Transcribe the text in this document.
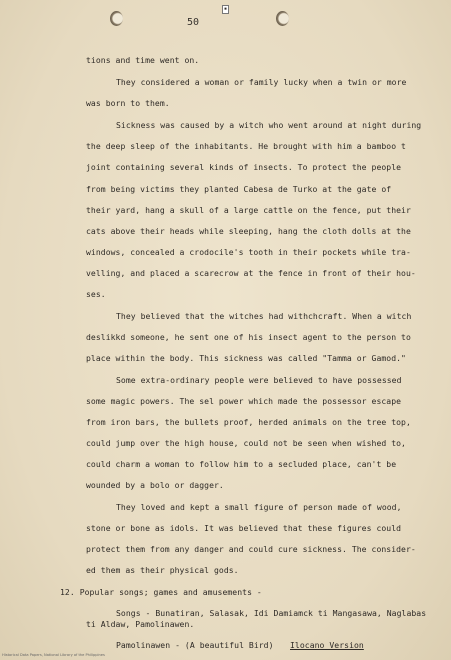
▪
50
tions and time went on.
They considered a woman or family lucky when a twin or more
was born to them.
Sickness was caused by a witch who went around at night during
the deep sleep of the inhabitants. He brought with him a bamboo t
joint containing several kinds of insects. To protect the people
from being victims they planted Cabesa de Turko at the gate of
their yard, hang a skull of a large cattle on the fence, put their
cats above their heads while sleeping, hang the cloth dolls at the
windows, concealed a crodocile's tooth in their pockets while tra-
velling, and placed a scarecrow at the fence in front of their hou-
ses.
They believed that the witches had withchcraft. When a witch
deslikkd someone, he sent one of his insect agent to the person to
place within the body. This sickness was called "Tamma or Gamod."
Some extra-ordinary people were believed to have possessed
some magic powers. The sel power which made the possessor escape
from iron bars, the bullets proof, herded animals on the tree top,
could jump over the high house, could not be seen when wished to,
could charm a woman to follow him to a secluded place, can't be
wounded by a bolo or dagger.
They loved and kept a small figure of person made of wood,
stone or bone as idols. It was believed that these figures could
protect them from any danger and could cure sickness. The consider-
ed them as their physical gods.
12. Popular songs; games and amusements -
Songs - Bunatiran, Salasak, Idi Damiamck ti Mangasawa, Naglabas
ti Aldaw, Pamolinawen.
Pamolinawen - (A beautiful Bird) Ilocano Version
Historical Data Papers, National Library of the Philippines
